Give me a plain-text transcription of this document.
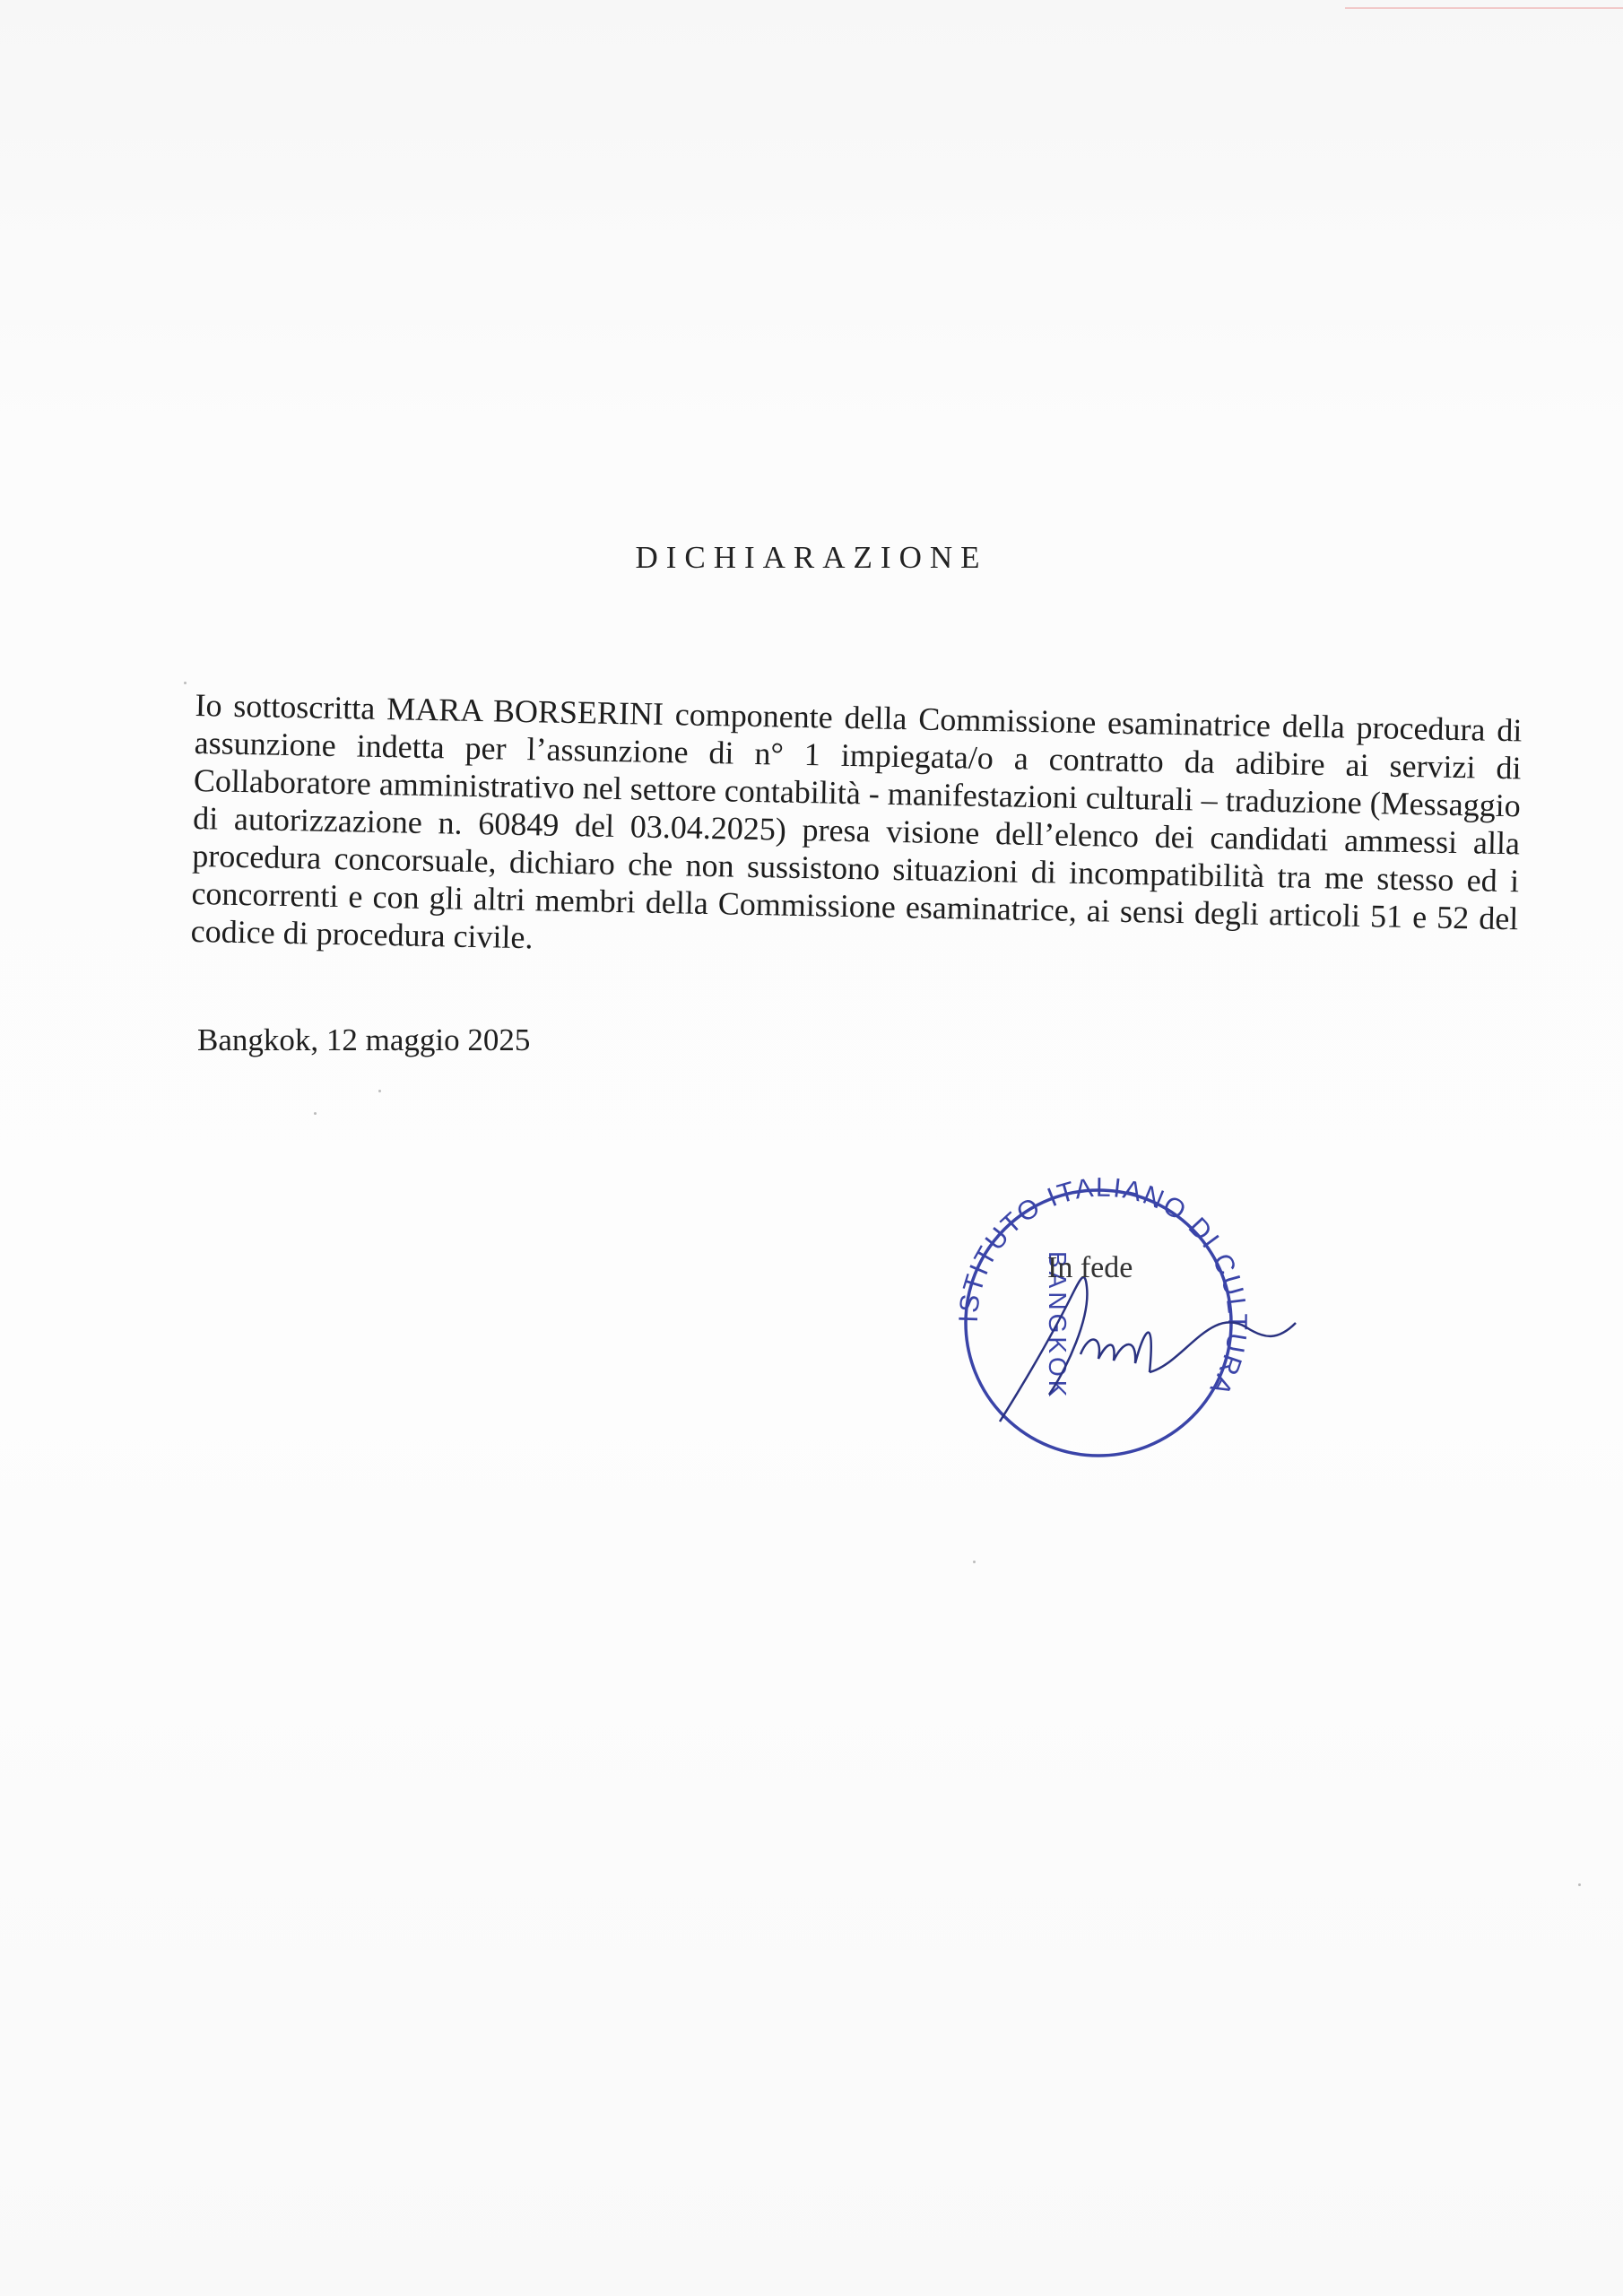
DICHIARAZIONE

Io sottoscritta MARA BORSERINI componente della Commissione esaminatrice della procedura di assunzione indetta per l’assunzione di n° 1 impiegata/o a contratto da adibire ai servizi di Collaboratore amministrativo nel settore contabilità - manifestazioni culturali – traduzione (Messaggio di autorizzazione n. 60849 del 03.04.2025) presa visione dell’elenco dei candidati ammessi alla procedura concorsuale, dichiaro che non sussistono situazioni di incompatibilità tra me stesso ed i concorrenti e con gli altri membri della Commissione esaminatrice, ai sensi degli articoli 51 e 52 del codice di procedura civile.

Bangkok, 12 maggio 2025

ISTITUTO ITALIANO DI CULTURA
BANGKOK

In fede
